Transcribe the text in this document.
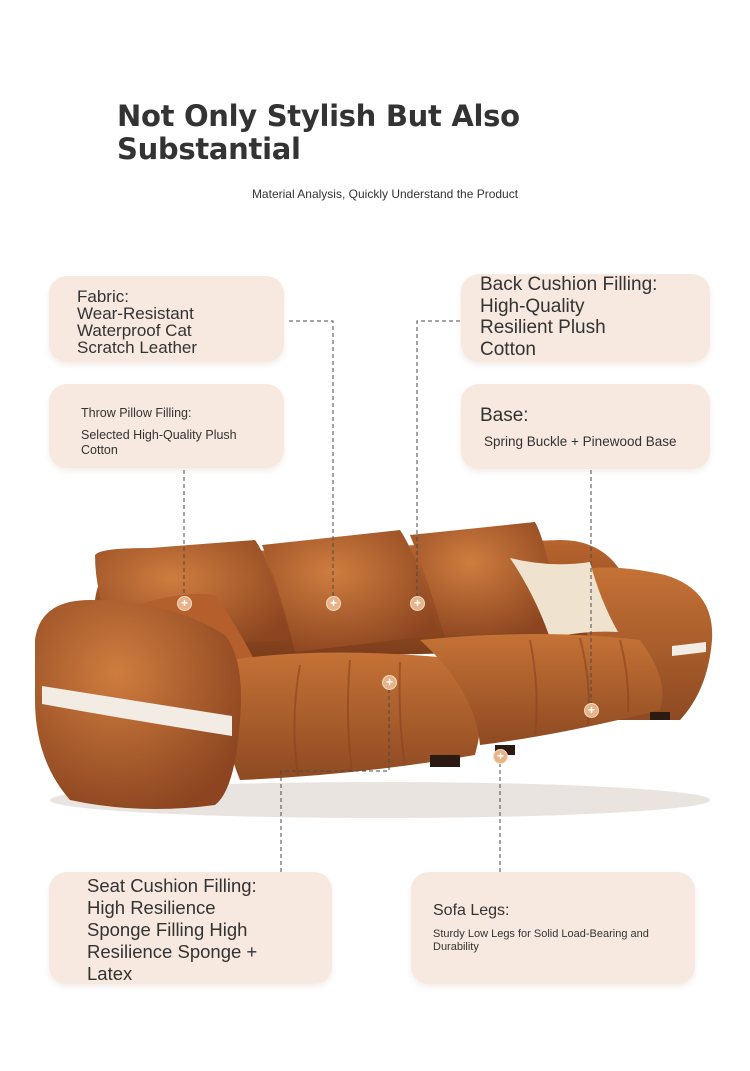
Not Only Stylish But Also
Substantial
Material Analysis, Quickly Understand the Product
+	+	+
+
+
+
Fabric:
Wear-Resistant
Waterproof Cat
Scratch Leather
Throw Pillow Filling:
Selected High-Quality Plush
Cotton
Back Cushion Filling:
High-Quality
Resilient Plush
Cotton
Base:
Spring Buckle + Pinewood Base
Seat Cushion Filling:
High Resilience
Sponge Filling High
Resilience Sponge +
Latex
Sofa Legs:
Sturdy Low Legs for Solid Load-Bearing and
Durability
